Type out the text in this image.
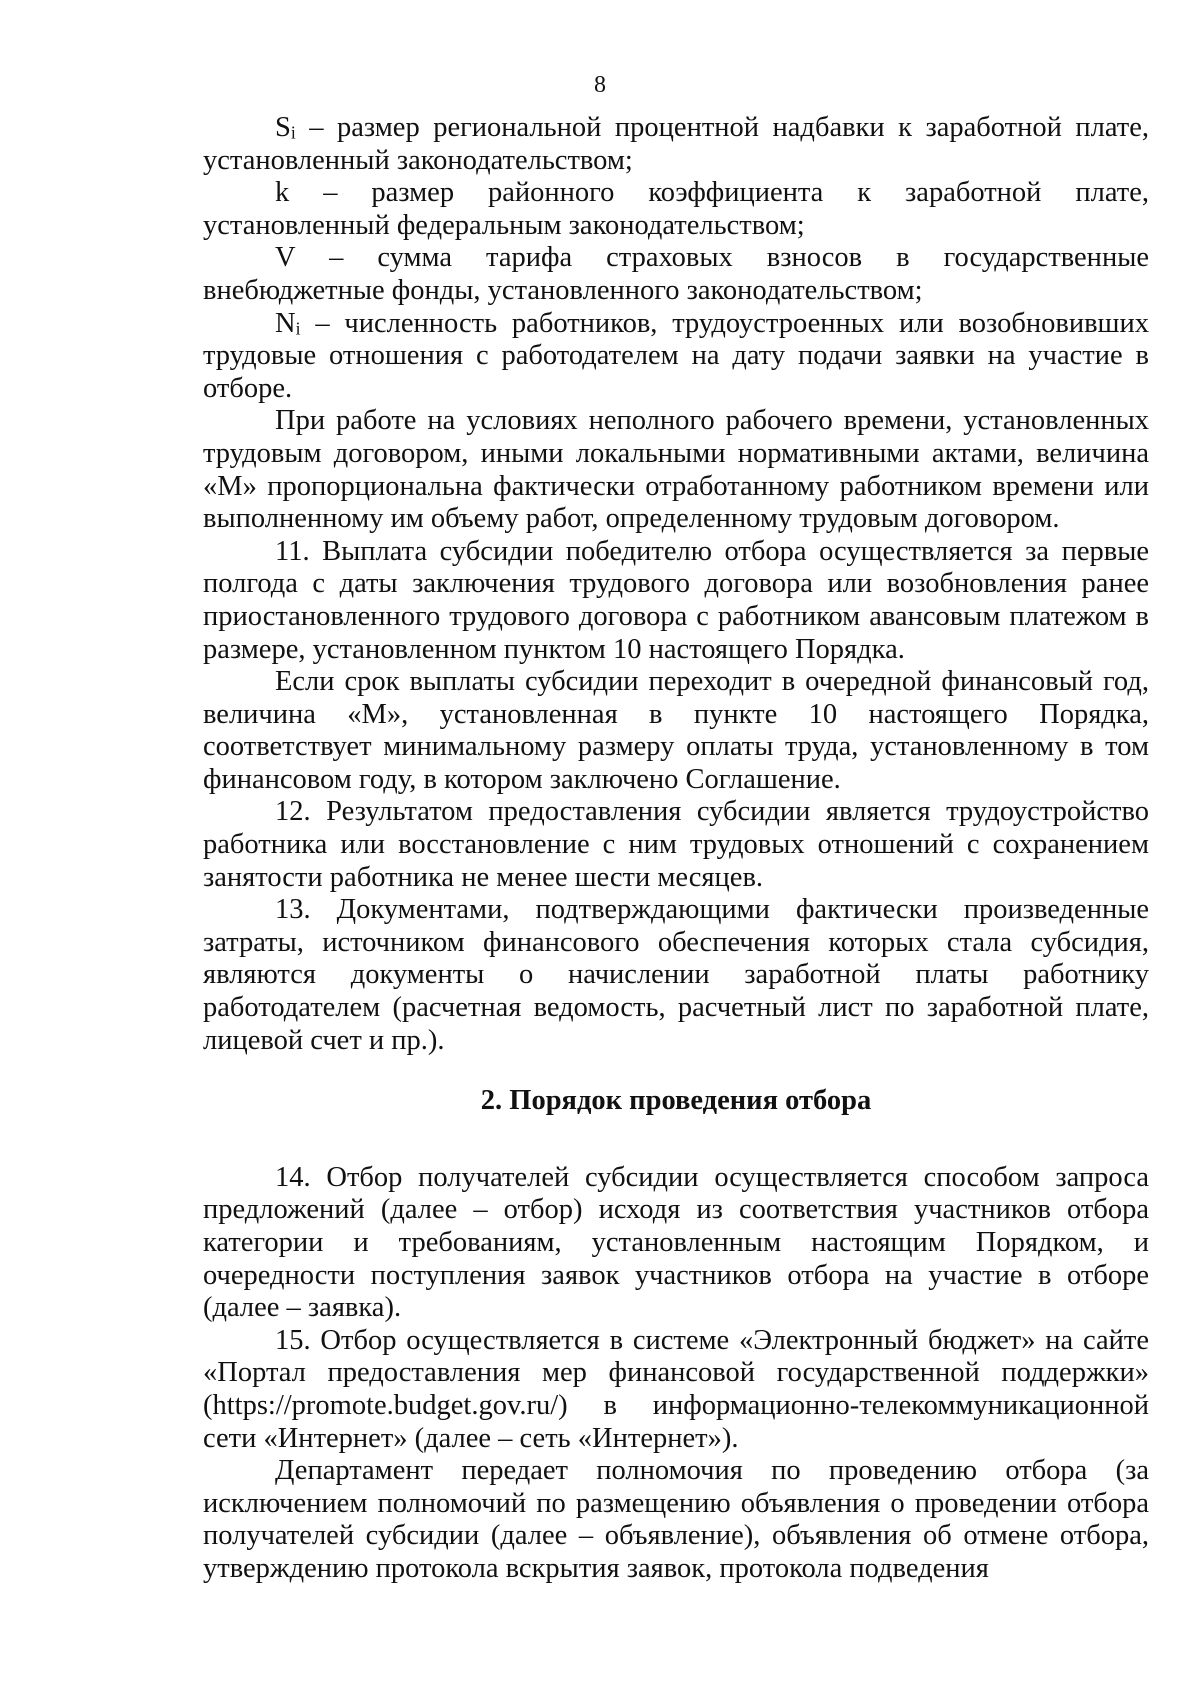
8

$S_i$ – размер региональной процентной надбавки к заработной плате, установленный законодательством;

k – размер районного коэффициента к заработной плате, установленный федеральным законодательством;

V – сумма тарифа страховых взносов в государственные внебюджетные фонды, установленного законодательством;

$N_i$ – численность работников, трудоустроенных или возобновивших трудовые отношения с работодателем на дату подачи заявки на участие в отборе.

При работе на условиях неполного рабочего времени, установленных трудовым договором, иными локальными нормативными актами, величина «М» пропорциональна фактически отработанному работником времени или выполненному им объему работ, определенному трудовым договором.

11. Выплата субсидии победителю отбора осуществляется за первые полгода с даты заключения трудового договора или возобновления ранее приостановленного трудового договора с работником авансовым платежом в размере, установленном пунктом 10 настоящего Порядка.

Если срок выплаты субсидии переходит в очередной финансовый год, величина «М», установленная в пункте 10 настоящего Порядка, соответствует минимальному размеру оплаты труда, установленному в том финансовом году, в котором заключено Соглашение.

12. Результатом предоставления субсидии является трудоустройство работника или восстановление с ним трудовых отношений с сохранением занятости работника не менее шести месяцев.

13. Документами, подтверждающими фактически произведенные затраты, источником финансового обеспечения которых стала субсидия, являются документы о начислении заработной платы работнику работодателем (расчетная ведомость, расчетный лист по заработной плате, лицевой счет и пр.).

2. Порядок проведения отбора

14. Отбор получателей субсидии осуществляется способом запроса предложений (далее – отбор) исходя из соответствия участников отбора категории и требованиям, установленным настоящим Порядком, и очередности поступления заявок участников отбора на участие в отборе (далее – заявка).

15. Отбор осуществляется в системе «Электронный бюджет» на сайте «Портал предоставления мер финансовой государственной поддержки» (https://promote.budget.gov.ru/) в информационно-телекоммуникационной сети «Интернет» (далее – сеть «Интернет»).

Департамент передает полномочия по проведению отбора (за исключением полномочий по размещению объявления о проведении отбора получателей субсидии (далее – объявление), объявления об отмене отбора, утверждению протокола вскрытия заявок, протокола подведения
